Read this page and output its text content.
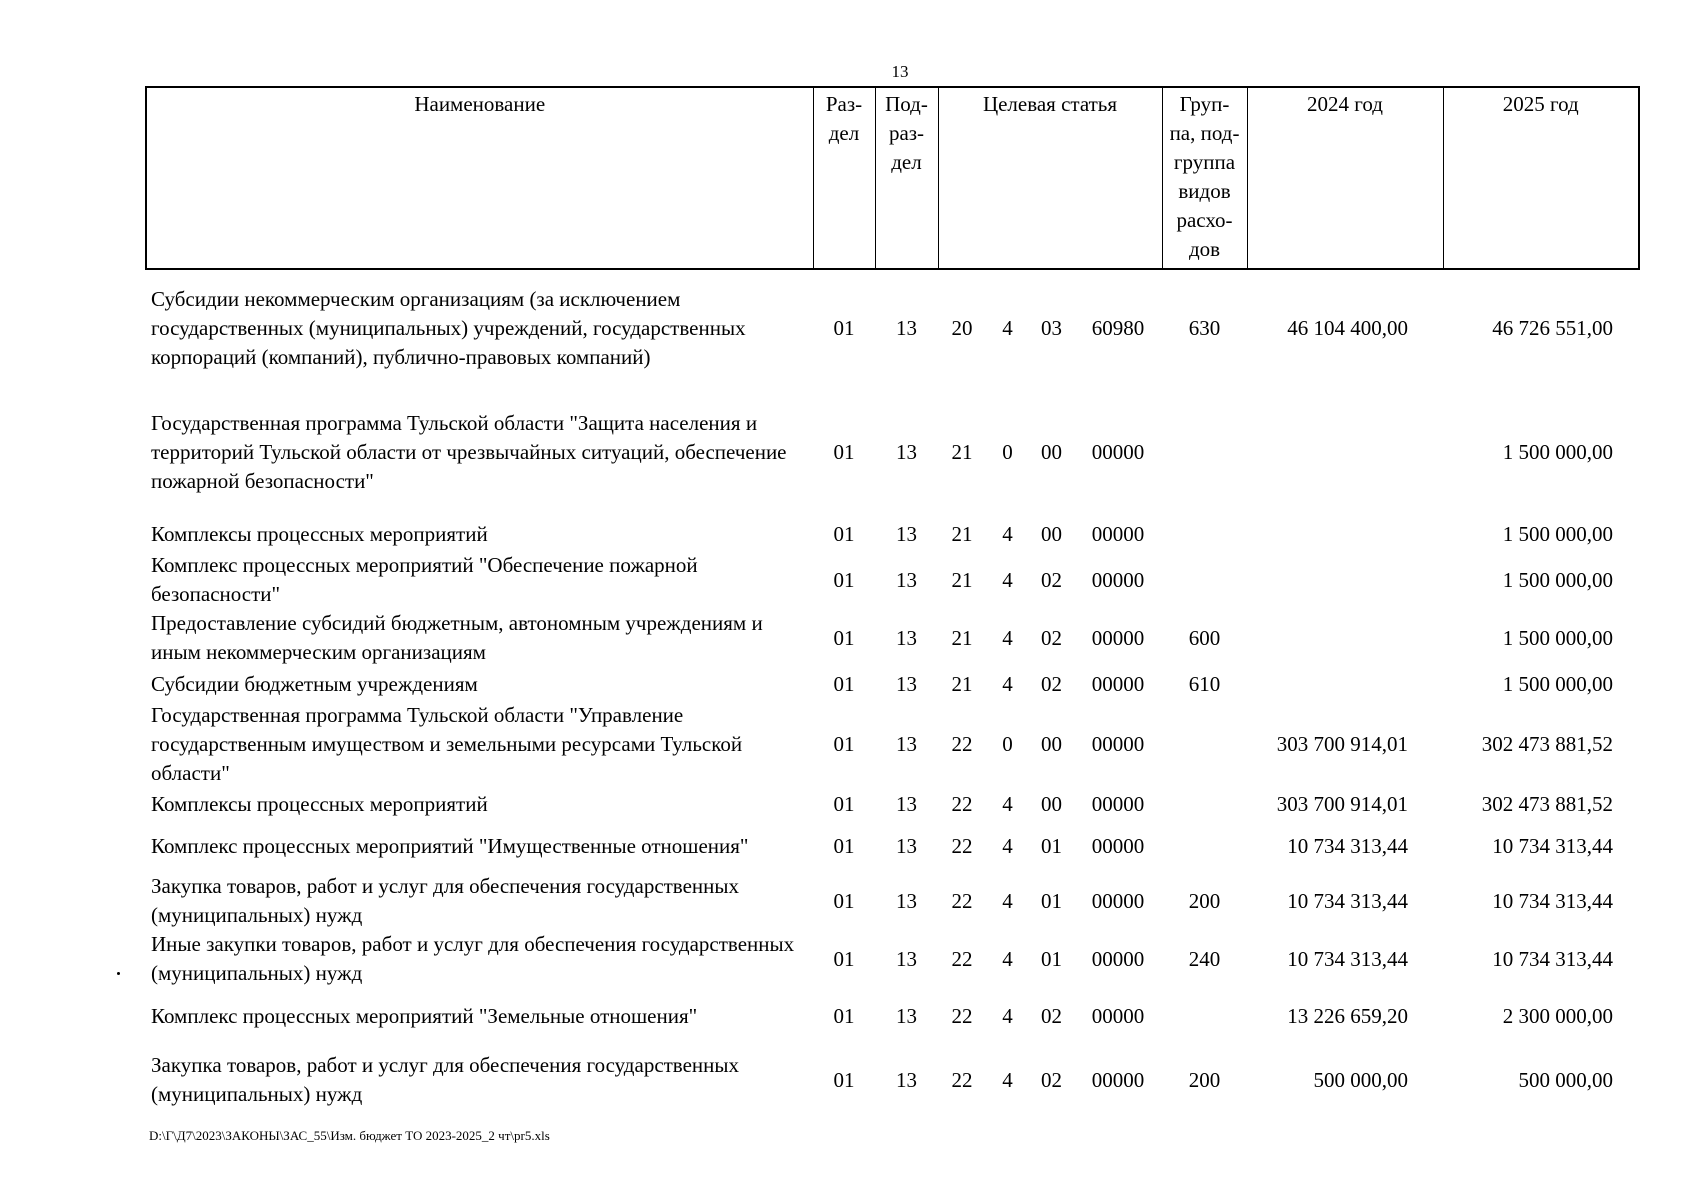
13
Наименование	Раз- дел	Под- раз- дел	Целевая статья				Груп- па, под- группа видов расхо- дов	2024 год	2025 год
Субсидии некоммерческим организациям (за исключением государственных (муниципальных) учреждений, государственных корпораций (компаний), публично-правовых компаний)	01	13	20	4	03	60980	630	46 104 400,00	46 726 551,00

Государственная программа Тульской области "Защита населения и территорий Тульской области от чрезвычайных ситуаций, обеспечение пожарной безопасности"	01	13	21	0	00	00000			1 500 000,00

Комплексы процессных мероприятий	01	13	21	4	00	00000			1 500 000,00
Комплекс процессных мероприятий "Обеспечение пожарной безопасности"	01	13	21	4	02	00000			1 500 000,00
Предоставление субсидий бюджетным, автономным учреждениям и иным некоммерческим организациям	01	13	21	4	02	00000	600		1 500 000,00
Субсидии бюджетным учреждениям	01	13	21	4	02	00000	610		1 500 000,00
Государственная программа Тульской области "Управление государственным имуществом и земельными ресурсами Тульской области"	01	13	22	0	00	00000		303 700 914,01	302 473 881,52
Комплексы процессных мероприятий	01	13	22	4	00	00000		303 700 914,01	302 473 881,52
Комплекс процессных мероприятий "Имущественные отношения"	01	13	22	4	01	00000		10 734 313,44	10 734 313,44
Закупка товаров, работ и услуг для обеспечения государственных (муниципальных) нужд	01	13	22	4	01	00000	200	10 734 313,44	10 734 313,44
Иные закупки товаров, работ и услуг для обеспечения государственных (муниципальных) нужд	01	13	22	4	01	00000	240	10 734 313,44	10 734 313,44
Комплекс процессных мероприятий "Земельные отношения"	01	13	22	4	02	00000		13 226 659,20	2 300 000,00
Закупка товаров, работ и услуг для обеспечения государственных (муниципальных) нужд	01	13	22	4	02	00000	200	500 000,00	500 000,00
D:\Г\Д7\2023\ЗАКОНЫ\ЗАС_55\Изм. бюджет ТО 2023-2025_2 чт\pr5.xls
